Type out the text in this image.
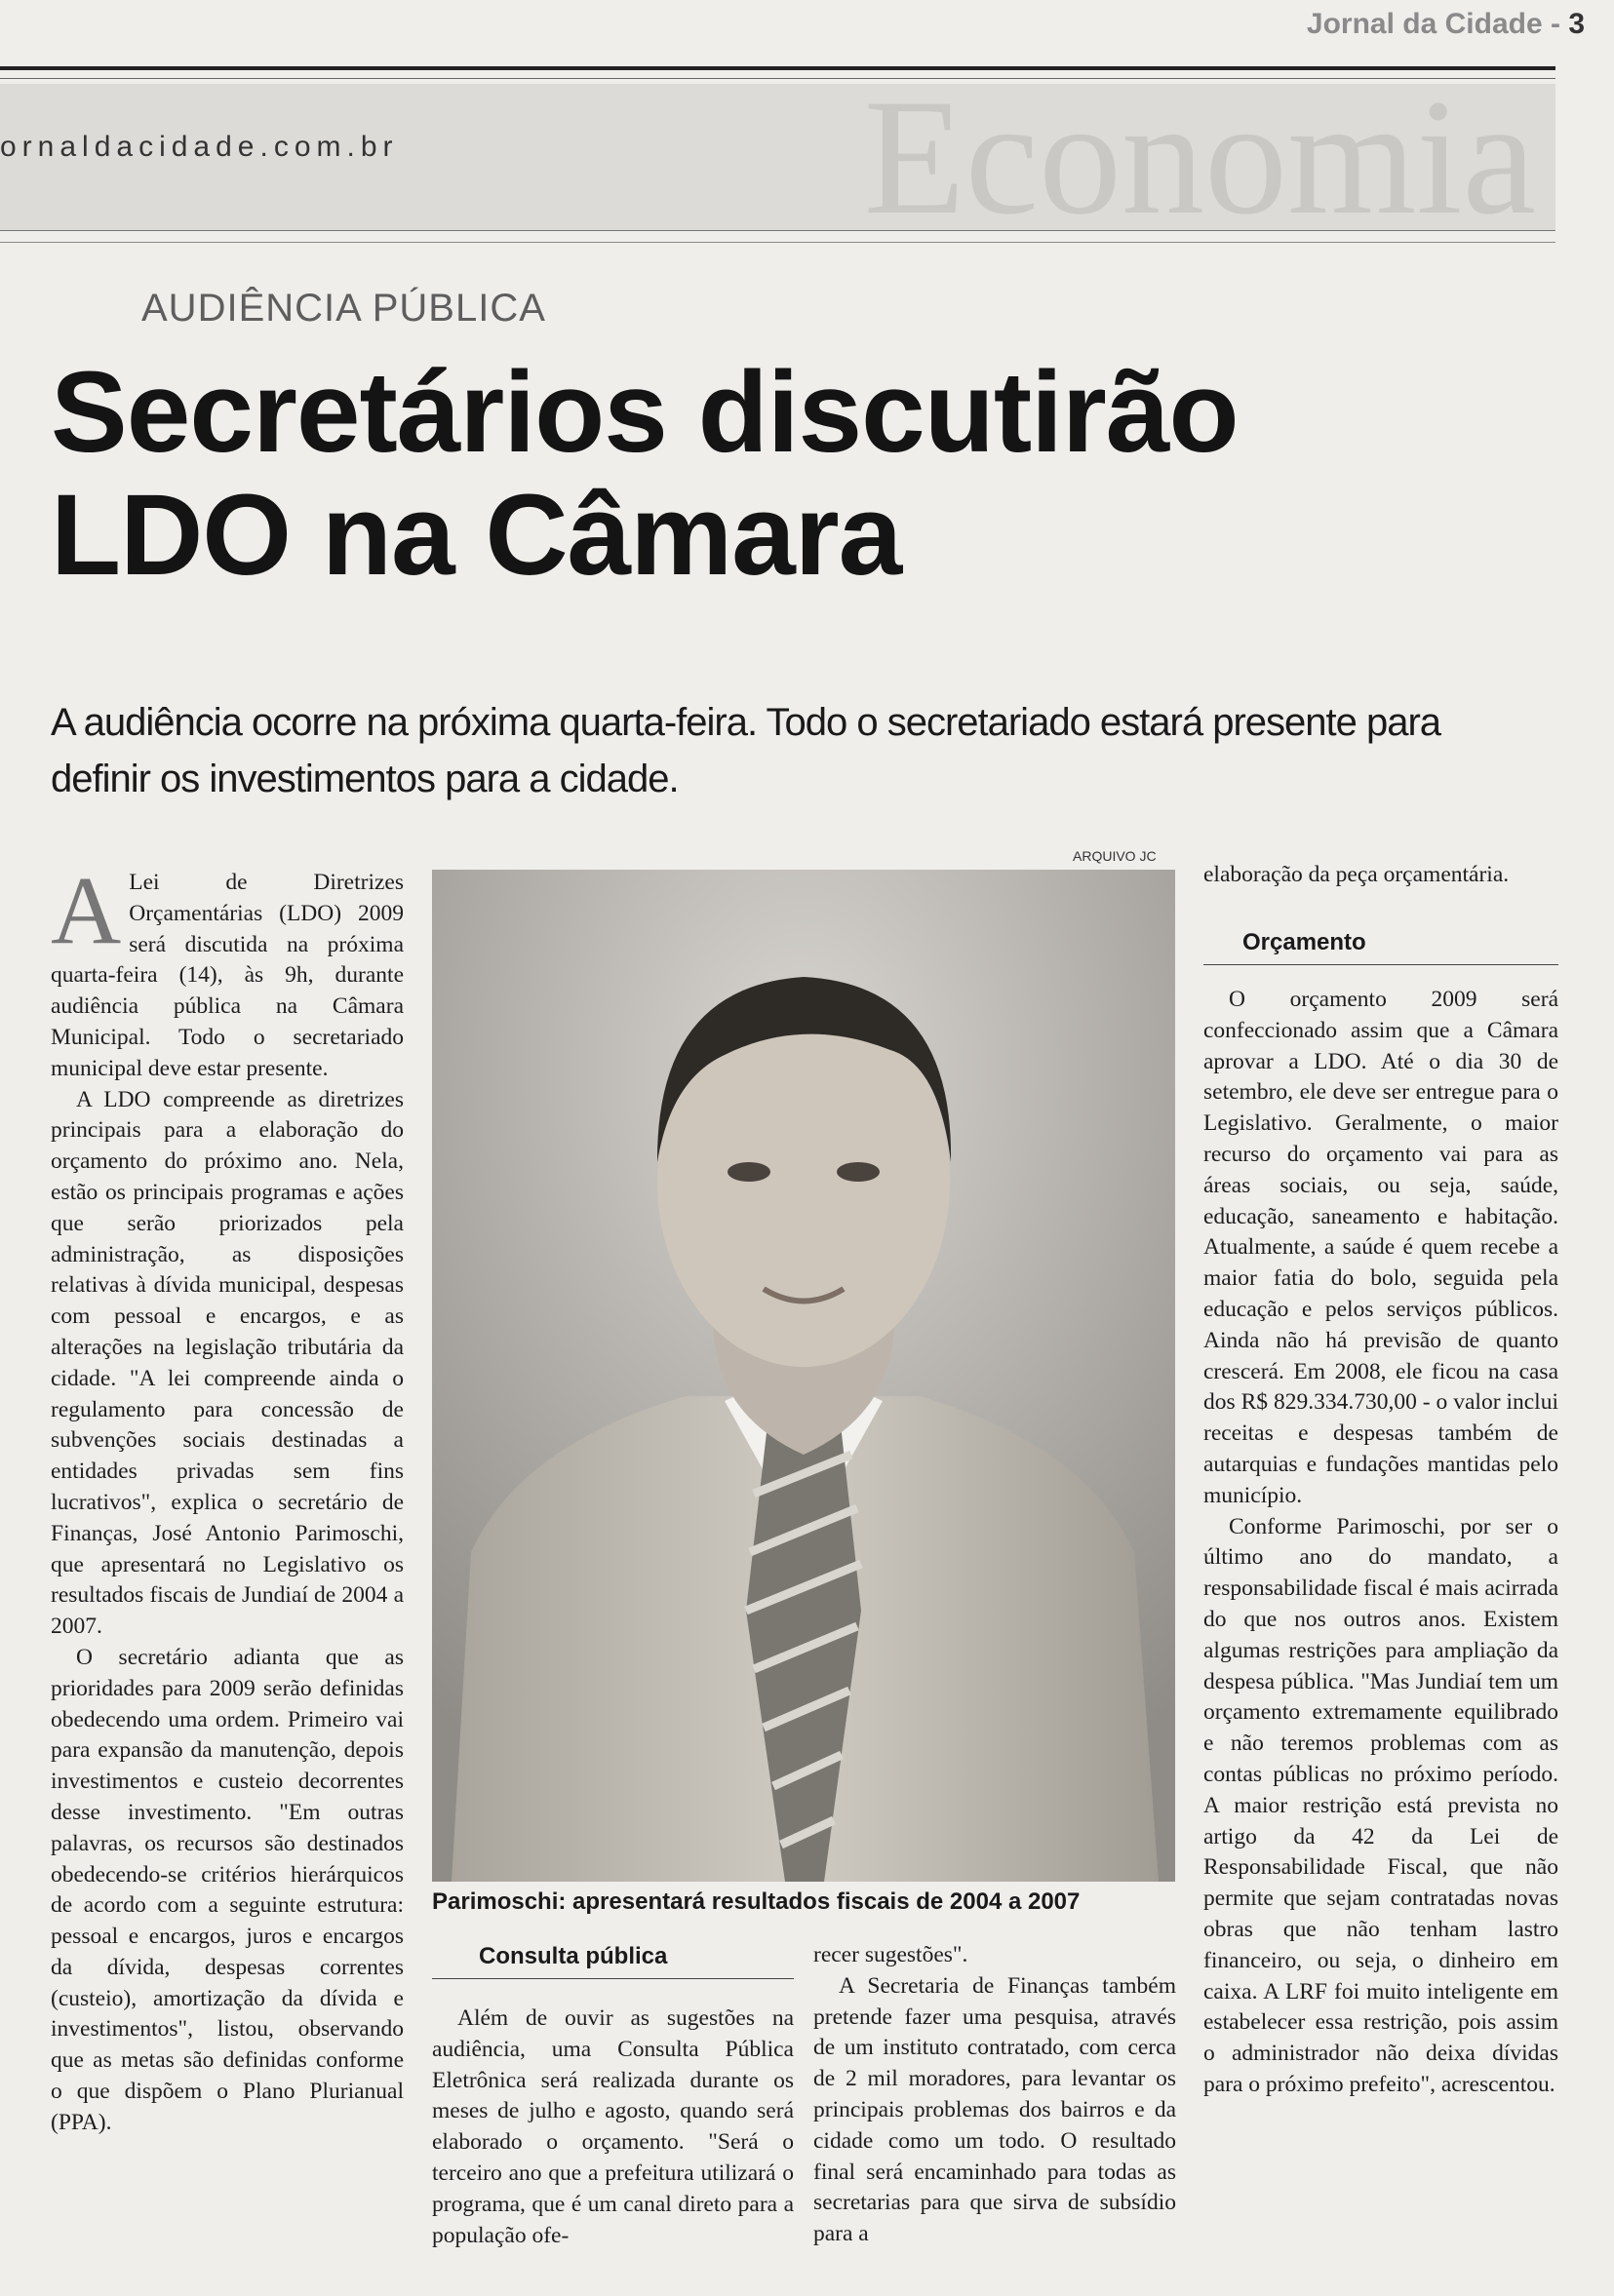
Jornal da Cidade - 3
ornaldacidade.com.br	Economia
AUDIÊNCIA PÚBLICA
Secretários discutirão
LDO na Câmara
A audiência ocorre na próxima quarta-feira. Todo o secretariado estará presente para definir os investimentos para a cidade.
ARQUIVO JC
Parimoschi: apresentará resultados fiscais de 2004 a 2007

A Lei de Diretrizes Orçamentárias (LDO) 2009 será discutida na próxima quarta-feira (14), às 9h, durante audiência pública na Câmara Municipal. Todo o secretariado municipal deve estar presente.

A LDO compreende as diretrizes principais para a elaboração do orçamento do próximo ano. Nela, estão os principais programas e ações que serão priorizados pela administração, as disposições relativas à dívida municipal, despesas com pessoal e encargos, e as alterações na legislação tributária da cidade. "A lei compreende ainda o regulamento para concessão de subvenções sociais destinadas a entidades privadas sem fins lucrativos", explica o secretário de Finanças, José Antonio Parimoschi, que apresentará no Legislativo os resultados fiscais de Jundiaí de 2004 a 2007.

O secretário adianta que as prioridades para 2009 serão definidas obedecendo uma ordem. Primeiro vai para expansão da manutenção, depois investimentos e custeio decorrentes desse investimento. "Em outras palavras, os recursos são destinados obedecendo-se critérios hierárquicos de acordo com a seguinte estrutura: pessoal e encargos, juros e encargos da dívida, despesas correntes (custeio), amortização da dívida e investimentos", listou, observando que as metas são definidas conforme o que dispõem o Plano Plurianual (PPA).

Consulta pública

Além de ouvir as sugestões na audiência, uma Consulta Pública Eletrônica será realizada durante os meses de julho e agosto, quando será elaborado o orçamento. "Será o terceiro ano que a prefeitura utilizará o programa, que é um canal direto para a população ofe-

recer sugestões".

A Secretaria de Finanças também pretende fazer uma pesquisa, através de um instituto contratado, com cerca de 2 mil moradores, para levantar os principais problemas dos bairros e da cidade como um todo. O resultado final será encaminhado para todas as secretarias para que sirva de subsídio para a

elaboração da peça orçamentária.

Orçamento

O orçamento 2009 será confeccionado assim que a Câmara aprovar a LDO. Até o dia 30 de setembro, ele deve ser entregue para o Legislativo. Geralmente, o maior recurso do orçamento vai para as áreas sociais, ou seja, saúde, educação, saneamento e habitação. Atualmente, a saúde é quem recebe a maior fatia do bolo, seguida pela educação e pelos serviços públicos. Ainda não há previsão de quanto crescerá. Em 2008, ele ficou na casa dos R$ 829.334.730,00 - o valor inclui receitas e despesas também de autarquias e fundações mantidas pelo município.

Conforme Parimoschi, por ser o último ano do mandato, a responsabilidade fiscal é mais acirrada do que nos outros anos. Existem algumas restrições para ampliação da despesa pública. "Mas Jundiaí tem um orçamento extremamente equilibrado e não teremos problemas com as contas públicas no próximo período. A maior restrição está prevista no artigo da 42 da Lei de Responsabilidade Fiscal, que não permite que sejam contratadas novas obras que não tenham lastro financeiro, ou seja, o dinheiro em caixa. A LRF foi muito inteligente em estabelecer essa restrição, pois assim o administrador não deixa dívidas para o próximo prefeito", acrescentou.
